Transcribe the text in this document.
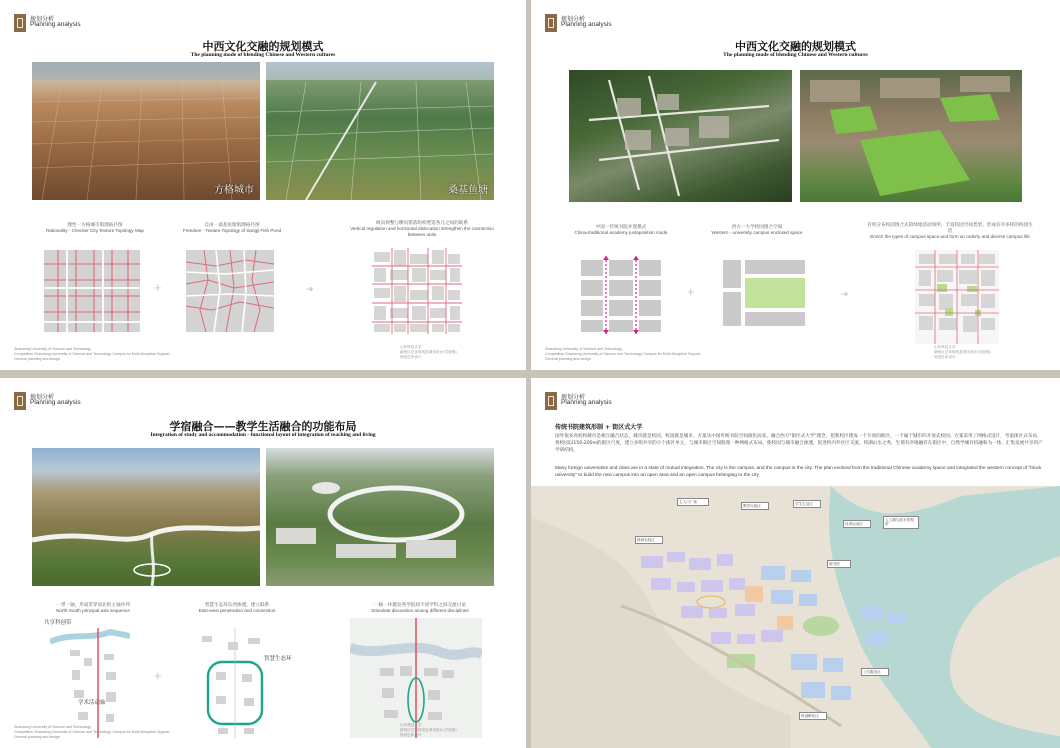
规划分析
Planning analysis
中西文化交融的规划模式
The planning mode of blending Chinese and Western cultures
方格城市	桑基鱼塘
理性一方格城市肌理拓扑图
Rationality - Checker City Texture Topology Map
自由一桑基鱼塘肌理拓扑图
Freedom - Texture Topology of Sangji Fish Pond
纵向规整与横向错落组构塑造各元之间的联系
Vertical regulation and horizontal dislocation strengthen the connection between units
+	➜
Shandong University of Science and Technology
Competition Shandong University of Science and Technology Campus for Multi-Discipline Support
General planning and design
山东科技大学
新校区总体规划及城市设计(学府版)
规划总体设计
规划分析
Planning analysis
中西文化交融的规划模式
The planning mode of blending Chinese and Western cultures
中国一传统书院并置模式
China-traditional academy juxtaposition mode
西方一大学校园围合空间
Western - university campus enclosed space
有机分布校园围合式的绿地活动场所，丰富校园空间类型、形成有序多样的校园生活
Enrich the types of campus space and form an orderly and diverse campus life
+	➜
Shandong University of Science and Technology
Competition Shandong University of Science and Technology Campus for Multi-Discipline Support
General planning and design
山东科技大学
新校区总体规划及城市设计(学府版)
规划总体设计
规划分析
Planning analysis
学宿融合——教学生活融合的功能布局
Integration of study and accommodation - functional layout of integration of teaching and living
一带一轴，形成贯穿南北的主轴序列
North-South principal axis sequence
智慧生态环东西渗透，建立联系
East-west penetration and connection
一轴一环激发各学院间不同学科之间交流讨论
Stimulate discussion among different disciplines
共享科创带
学术活动轴
+
智慧生态环
Shandong University of Science and Technology
Competition Shandong University of Science and Technology Campus for Multi-Discipline Support
General planning and design
山东科技大学
新校区总体规划及城市设计(学府版)
规划总体设计
规划分析
Planning analysis
传统书院建筑形制 + 街区式大学
国外很多高校和城市是相互融合状态，城市就是校园，校园就是城市。方案从中国传统书院空间演化而来，融合西方"街区式大学"理念，把新校区建成一个开放的街区、一个属于城市的开放式校园。方案采用了网格式设计，考虑街区式布局，将校园以150-200m的街区尺度，建立多组共享的小个街区单元，与城市街区空间肌理一种网格式布局，使校园与城市融合渗透，促进校内外社区交流，将湖山水之秀，生情有序地融有在街区中，自然学城有机融和为一体，汇集发展共享的产学研结构。
Many foreign universities and cities are in a state of mutual integration. The city is the campus, and the campus is the city. The plan evolved from the traditional Chinese academy space and integrated the western concept of "block university" to build the new campus into an open area and an open campus belonging to the city
主入口广场
教学行政区	学生生活区
科研实验区
体育运动区
人工湖与滨水景观带
图书馆
公共服务区
科创孵化区
